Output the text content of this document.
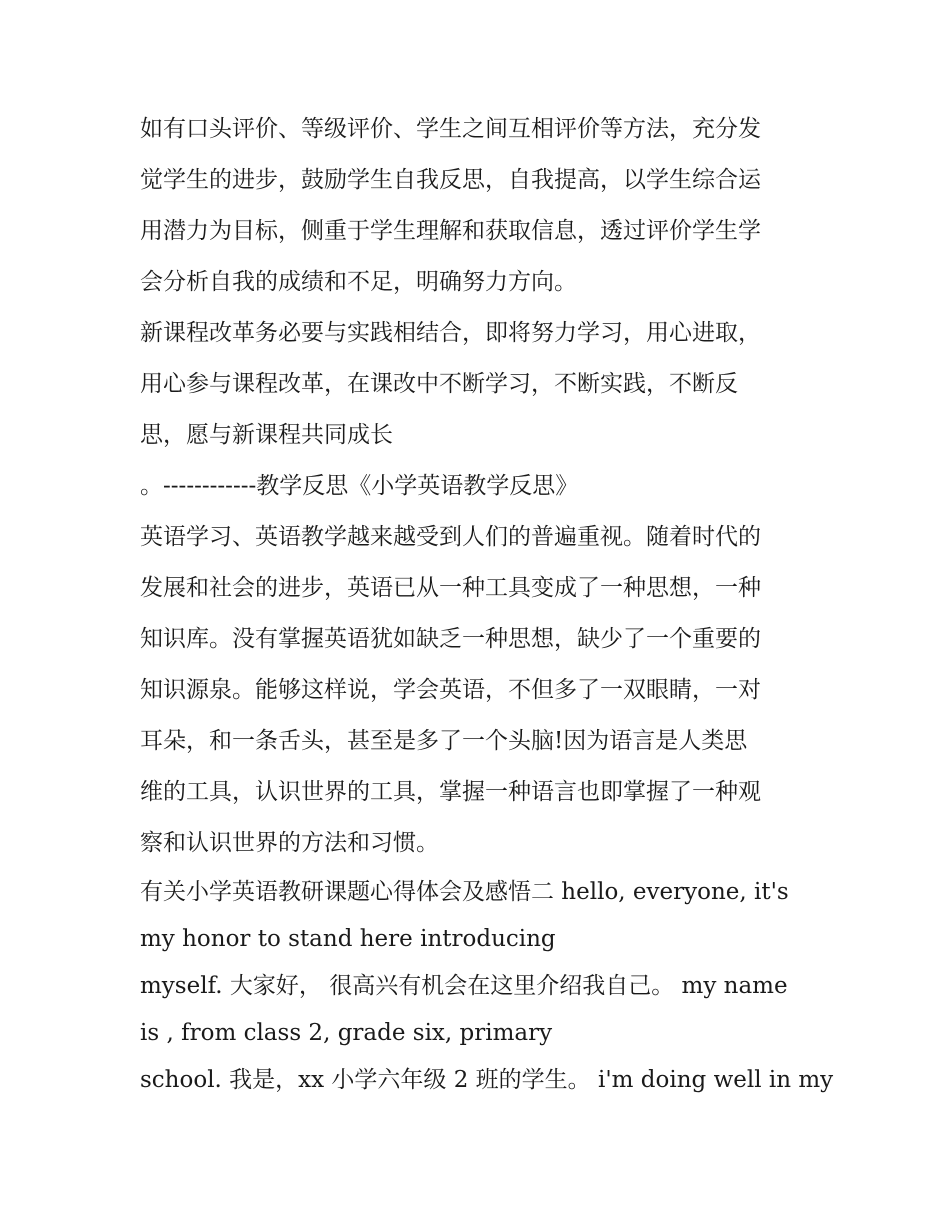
如有口头评价、等级评价、学生之间互相评价等方法，充分发
觉学生的进步，鼓励学生自我反思，自我提高，以学生综合运
用潜力为目标，侧重于学生理解和获取信息，透过评价学生学
会分析自我的成绩和不足，明确努力方向。
新课程改革务必要与实践相结合，即将努力学习，用心进取，
用心参与课程改革，在课改中不断学习，不断实践，不断反
思，愿与新课程共同成长
。------------教学反思《小学英语教学反思》
英语学习、英语教学越来越受到人们的普遍重视。随着时代的
发展和社会的进步，英语已从一种工具变成了一种思想，一种
知识库。没有掌握英语犹如缺乏一种思想，缺少了一个重要的
知识源泉。能够这样说，学会英语，不但多了一双眼睛，一对
耳朵，和一条舌头，甚至是多了一个头脑!因为语言是人类思
维的工具，认识世界的工具，掌握一种语言也即掌握了一种观
察和认识世界的方法和习惯。
有关小学英语教研课题心得体会及感悟二 hello, everyone, it's
my honor to stand here introducing
myself. 大家好， 很高兴有机会在这里介绍我自己。 my name
is , from class 2, grade six, primary
school. 我是，xx 小学六年级 2 班的学生。 i'm doing well in my
